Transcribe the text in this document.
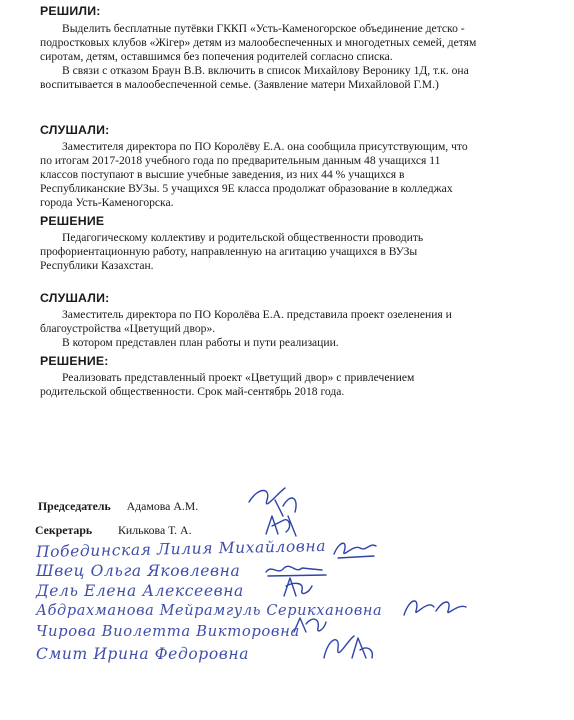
РЕШИЛИ:
Выделить бесплатные путёвки ГККП «Усть-Каменогорское объединение детско -
подростковых клубов «Жігер» детям из малообеспеченных и многодетных семей, детям
сиротам, детям, оставшимся без попечения родителей согласно списка.
В связи с отказом Браун В.В. включить в список Михайлову Веронику 1Д, т.к. она
воспитывается в малообеспеченной семье. (Заявление матери Михайловой Г.М.)
СЛУШАЛИ:
Заместителя директора по ПО Королёву Е.А. она сообщила присутствующим, что
по итогам 2017-2018 учебного года по предварительным данным 48 учащихся 11
классов поступают в высшие учебные заведения, из них 44 % учащихся в
Республиканские ВУЗы. 5 учащихся 9Е класса продолжат образование в колледжах
города Усть-Каменогорска.
РЕШЕНИЕ
Педагогическому коллективу и родительской общественности проводить
профориентационную работу, направленную на агитацию учащихся в ВУЗы
Республики Казахстан.
СЛУШАЛИ:
Заместитель директора по ПО Королёва Е.А. представила проект озеленения и
благоустройства «Цветущий двор».
В котором представлен план работы и пути реализации.
РЕШЕНИЕ:
Реализовать представленный проект «Цветущий двор» с привлечением
родительской общественности. Срок май-сентябрь 2018 года.
Председатель Адамова А.М.
Секретарь Килькова Т. А.
Побединская Лилия Михайловна
Швец Ольга Яковлевна
Дель Елена Алексеевна
Абдрахманова Мейрамгуль Серикхановна
Чирова Виолетта Викторовна
Смит Ирина Федоровна
